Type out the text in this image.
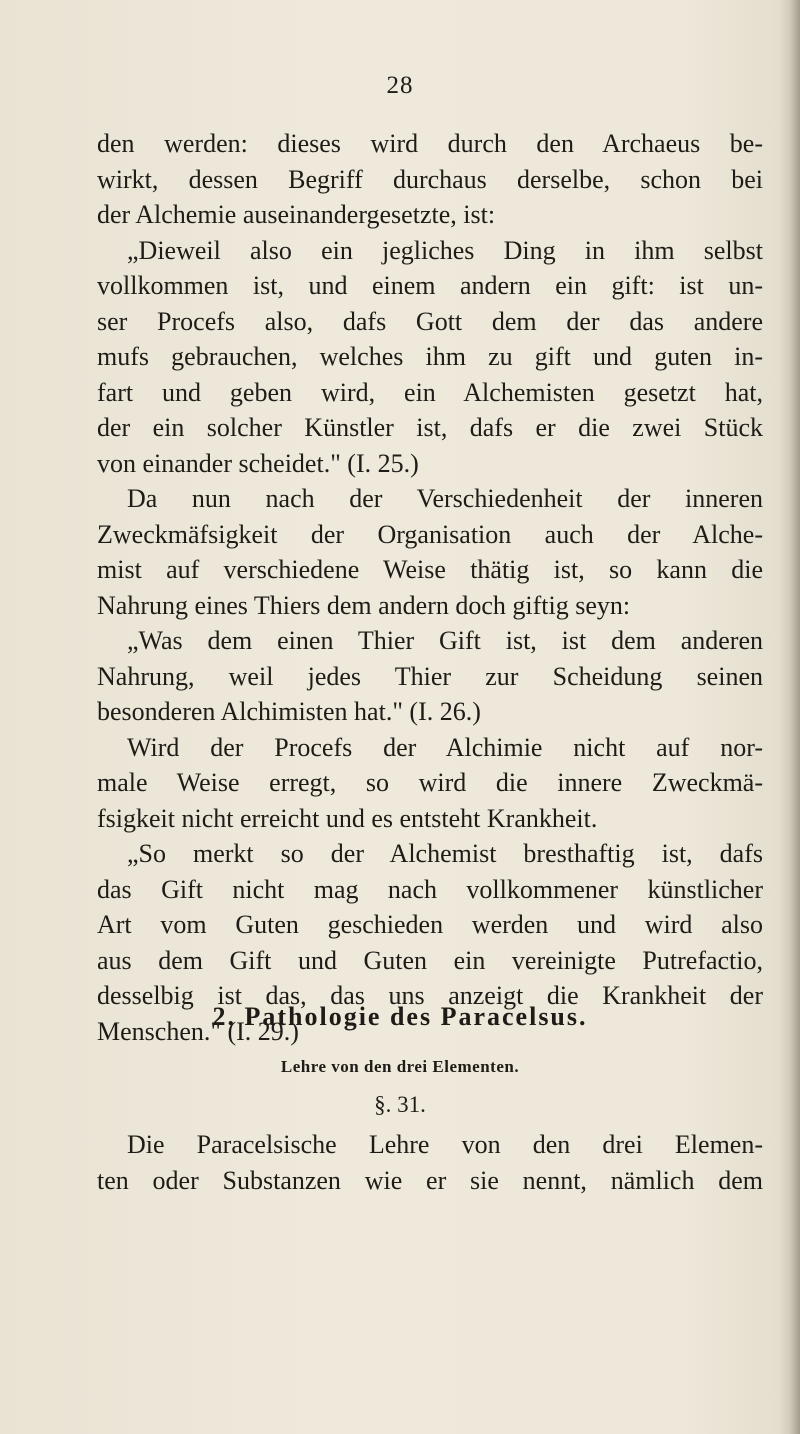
28
den werden: dieses wird durch den Archaeus be-
wirkt, dessen Begriff durchaus derselbe, schon bei
der Alchemie auseinandergesetzte, ist:
„Dieweil also ein jegliches Ding in ihm selbst
vollkommen ist, und einem andern ein gift: ist un-
ser Procefs also, dafs Gott dem der das andere
mufs gebrauchen, welches ihm zu gift und guten in-
fart und geben wird, ein Alchemisten gesetzt hat,
der ein solcher Künstler ist, dafs er die zwei Stück
von einander scheidet." (I. 25.)
Da nun nach der Verschiedenheit der inneren
Zweckmäfsigkeit der Organisation auch der Alche-
mist auf verschiedene Weise thätig ist, so kann die
Nahrung eines Thiers dem andern doch giftig seyn:
„Was dem einen Thier Gift ist, ist dem anderen
Nahrung, weil jedes Thier zur Scheidung seinen
besonderen Alchimisten hat." (I. 26.)
Wird der Procefs der Alchimie nicht auf nor-
male Weise erregt, so wird die innere Zweckmä-
fsigkeit nicht erreicht und es entsteht Krankheit.
„So merkt so der Alchemist bresthaftig ist, dafs
das Gift nicht mag nach vollkommener künstlicher
Art vom Guten geschieden werden und wird also
aus dem Gift und Guten ein vereinigte Putrefactio,
desselbig ist das, das uns anzeigt die Krankheit der
Menschen." (I. 29.)
2. Pathologie des Paracelsus.
Lehre von den drei Elementen.
§. 31.
Die Paracelsische Lehre von den drei Elemen-
ten oder Substanzen wie er sie nennt, nämlich dem
